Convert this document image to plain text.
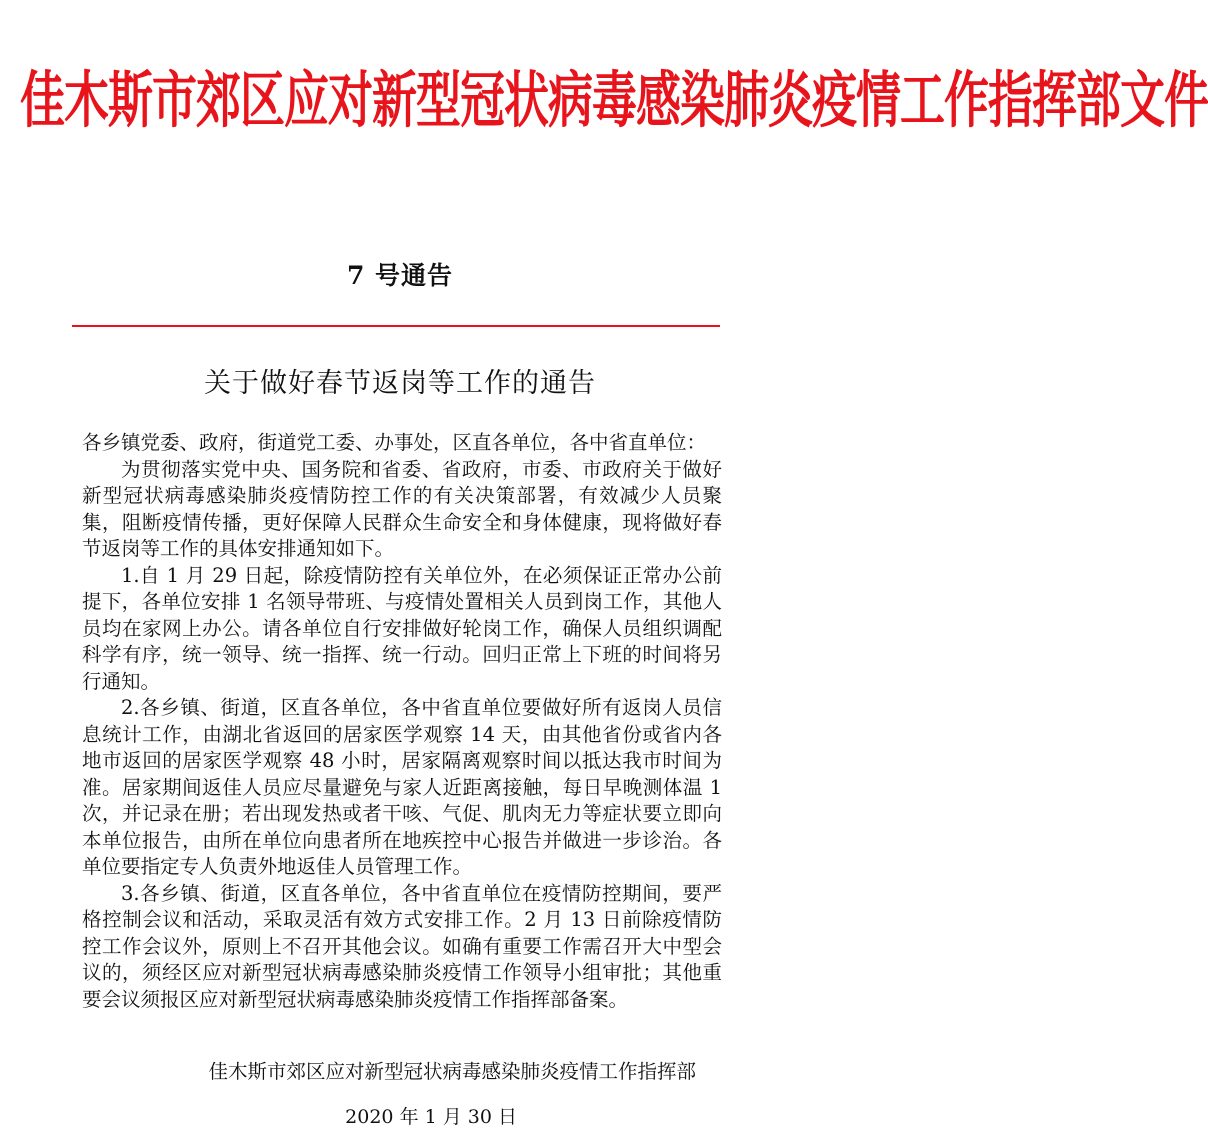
佳木斯市郊区应对新型冠状病毒感染肺炎疫情工作指挥部文件
7 号通告
关于做好春节返岗等工作的通告

各乡镇党委、政府，街道党工委、办事处，区直各单位，各中省直单位：

为贯彻落实党中央、国务院和省委、省政府，市委、市政府关于做好新型冠状病毒感染肺炎疫情防控工作的有关决策部署，有效减少人员聚集，阻断疫情传播，更好保障人民群众生命安全和身体健康，现将做好春节返岗等工作的具体安排通知如下。

1.自 1 月 29 日起，除疫情防控有关单位外，在必须保证正常办公前提下，各单位安排 1 名领导带班、与疫情处置相关人员到岗工作，其他人员均在家网上办公。请各单位自行安排做好轮岗工作，确保人员组织调配科学有序，统一领导、统一指挥、统一行动。回归正常上下班的时间将另行通知。

2.各乡镇、街道，区直各单位，各中省直单位要做好所有返岗人员信息统计工作，由湖北省返回的居家医学观察 14 天，由其他省份或省内各地市返回的居家医学观察 48 小时，居家隔离观察时间以抵达我市时间为准。居家期间返佳人员应尽量避免与家人近距离接触，每日早晚测体温 1 次，并记录在册；若出现发热或者干咳、气促、肌肉无力等症状要立即向本单位报告，由所在单位向患者所在地疾控中心报告并做进一步诊治。各单位要指定专人负责外地返佳人员管理工作。

3.各乡镇、街道，区直各单位，各中省直单位在疫情防控期间，要严格控制会议和活动，采取灵活有效方式安排工作。2 月 13 日前除疫情防控工作会议外，原则上不召开其他会议。如确有重要工作需召开大中型会议的，须经区应对新型冠状病毒感染肺炎疫情工作领导小组审批；其他重要会议须报区应对新型冠状病毒感染肺炎疫情工作指挥部备案。

佳木斯市郊区应对新型冠状病毒感染肺炎疫情工作指挥部
2020 年 1 月 30 日
